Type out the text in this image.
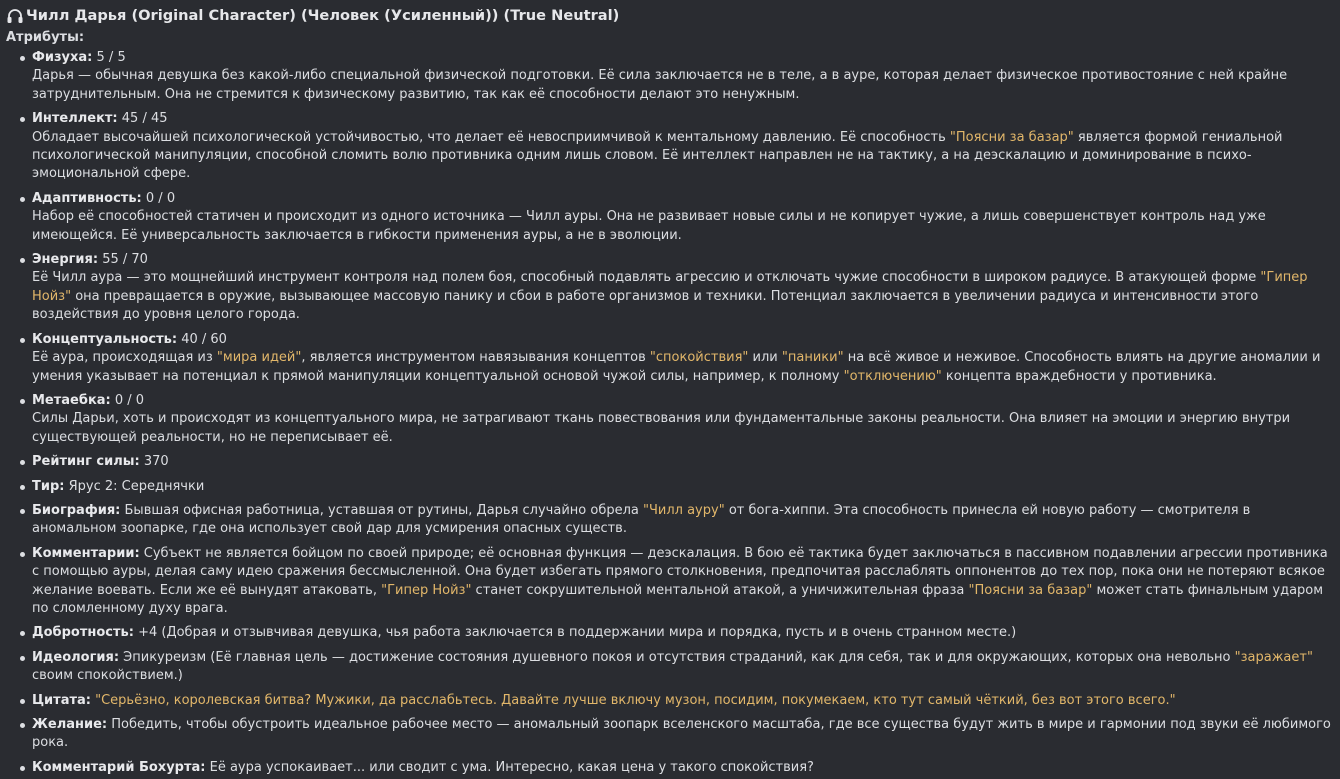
Чилл Дарья (Original Character) (Человек (Усиленный)) (True Neutral)
Атрибуты:
Физуха: 5 / 5
Дарья — обычная девушка без какой-либо специальной физической подготовки. Её сила заключается не в теле, а в ауре, которая делает физическое противостояние с ней крайне затруднительным. Она не стремится к физическому развитию, так как её способности делают это ненужным.
Интеллект: 45 / 45
Обладает высочайшей психологической устойчивостью, что делает её невосприимчивой к ментальному давлению. Её способность "Поясни за базар" является формой гениальной психологической манипуляции, способной сломить волю противника одним лишь словом. Её интеллект направлен не на тактику, а на деэскалацию и доминирование в психо-эмоциональной сфере.
Адаптивность: 0 / 0
Набор её способностей статичен и происходит из одного источника — Чилл ауры. Она не развивает новые силы и не копирует чужие, а лишь совершенствует контроль над уже имеющейся. Её универсальность заключается в гибкости применения ауры, а не в эволюции.
Энергия: 55 / 70
Её Чилл аура — это мощнейший инструмент контроля над полем боя, способный подавлять агрессию и отключать чужие способности в широком радиусе. В атакующей форме "Гипер Нойз" она превращается в оружие, вызывающее массовую панику и сбои в работе организмов и техники. Потенциал заключается в увеличении радиуса и интенсивности этого воздействия до уровня целого города.
Концептуальность: 40 / 60
Её аура, происходящая из "мира идей", является инструментом навязывания концептов "спокойствия" или "паники" на всё живое и неживое. Способность влиять на другие аномалии и умения указывает на потенциал к прямой манипуляции концептуальной основой чужой силы, например, к полному "отключению" концепта враждебности у противника.
Метаебка: 0 / 0
Силы Дарьи, хоть и происходят из концептуального мира, не затрагивают ткань повествования или фундаментальные законы реальности. Она влияет на эмоции и энергию внутри существующей реальности, но не переписывает её.
Рейтинг силы: 370
Тир: Ярус 2: Середнячки
Биография: Бывшая офисная работница, уставшая от рутины, Дарья случайно обрела "Чилл ауру" от бога-хиппи. Эта способность принесла ей новую работу — смотрителя в аномальном зоопарке, где она использует свой дар для усмирения опасных существ.
Комментарии: Субъект не является бойцом по своей природе; её основная функция — деэскалация. В бою её тактика будет заключаться в пассивном подавлении агрессии противника с помощью ауры, делая саму идею сражения бессмысленной. Она будет избегать прямого столкновения, предпочитая расслаблять оппонентов до тех пор, пока они не потеряют всякое желание воевать. Если же её вынудят атаковать, "Гипер Нойз" станет сокрушительной ментальной атакой, а уничижительная фраза "Поясни за базар" может стать финальным ударом по сломленному духу врага.
Добротность: +4 (Добрая и отзывчивая девушка, чья работа заключается в поддержании мира и порядка, пусть и в очень странном месте.)
Идеология: Эпикуреизм (Её главная цель — достижение состояния душевного покоя и отсутствия страданий, как для себя, так и для окружающих, которых она невольно "заражает" своим спокойствием.)
Цитата: "Серьёзно, королевская битва? Мужики, да расслабьтесь. Давайте лучше включу музон, посидим, покумекаем, кто тут самый чёткий, без вот этого всего."
Желание: Победить, чтобы обустроить идеальное рабочее место — аномальный зоопарк вселенского масштаба, где все существа будут жить в мире и гармонии под звуки её любимого рока.
Комментарий Бохурта: Её аура успокаивает... или сводит с ума. Интересно, какая цена у такого спокойствия?
